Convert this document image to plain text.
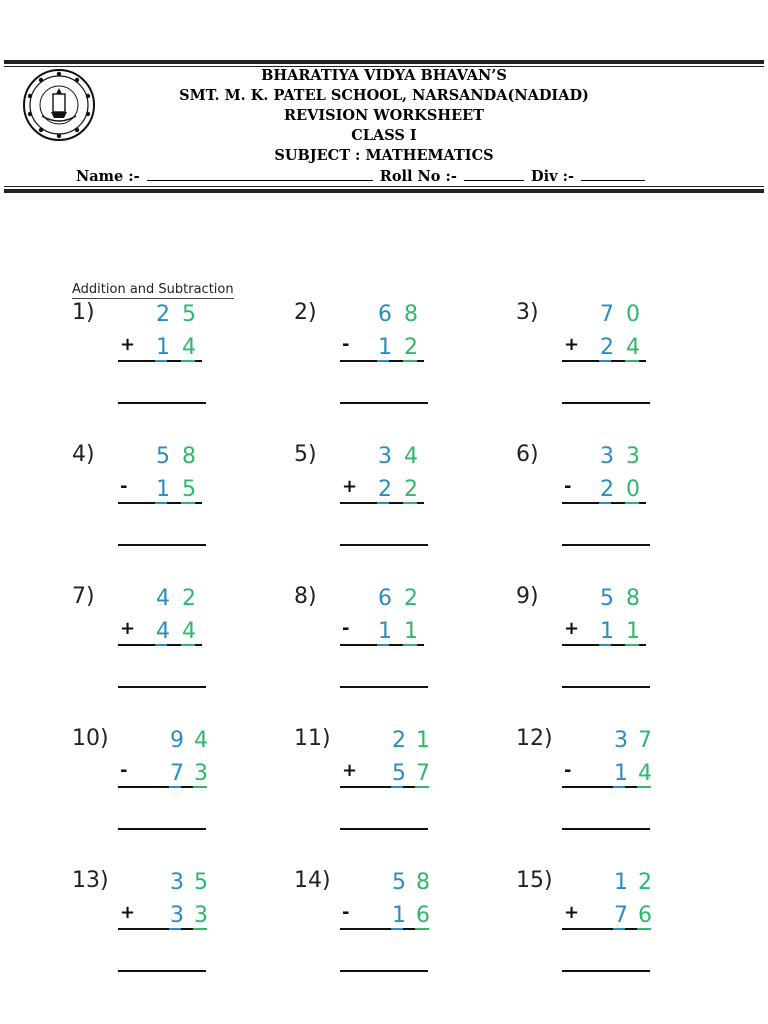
BHARATIYA VIDYA BHAVAN’S
SMT. M. K. PATEL SCHOOL, NARSANDA(NADIAD)
REVISION WORKSHEET
CLASS I
SUBJECT : MATHEMATICS
Name :-	Roll No :-	Div :-
Addition and Subtraction
1)	2 5
+ 1 4
2)	6 8
- 1 2
3)	7 0
+ 2 4
4)	5 8
- 1 5
5)	3 4
+ 2 2
6)	3 3
- 2 0
7)	4 2
+ 4 4
8)	6 2
- 1 1
9)	5 8
+ 1 1
10)	9 4
- 7 3
11)	2 1
+ 5 7
12)	3 7
- 1 4
13)	3 5
+ 3 3
14)	5 8
- 1 6
15)	1 2
+ 7 6
